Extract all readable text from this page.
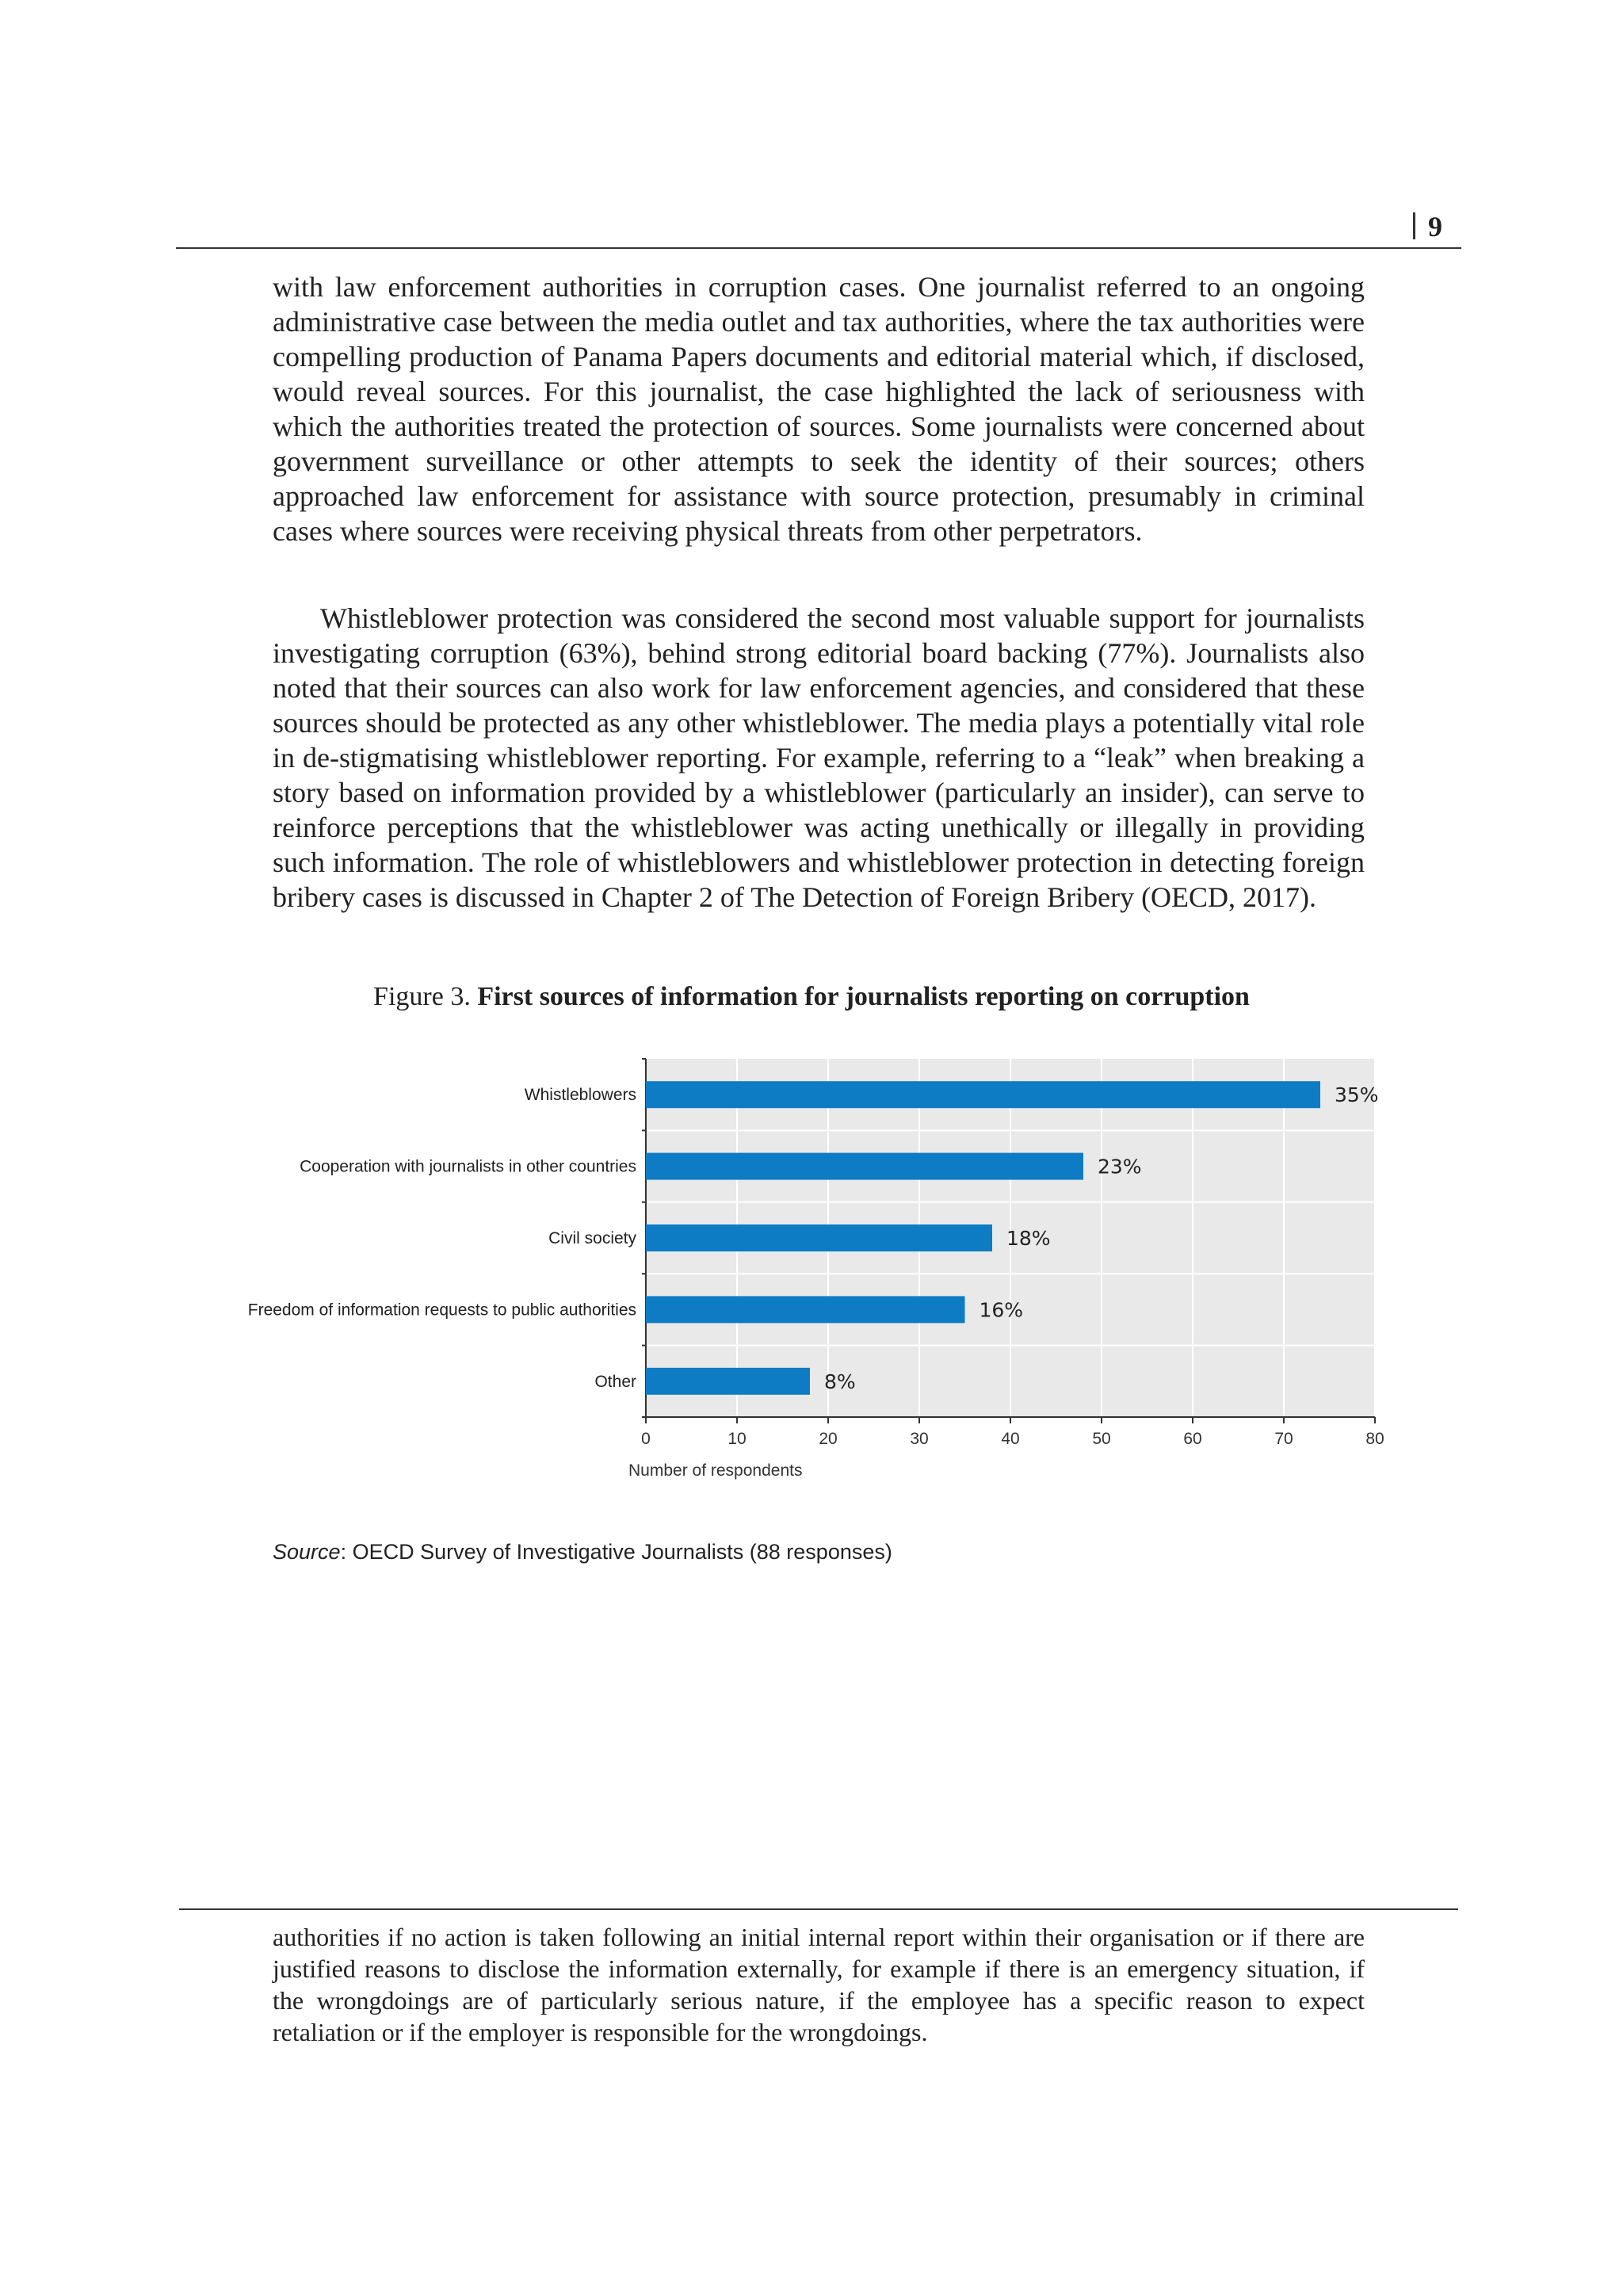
9

with law enforcement authorities in corruption cases. One journalist referred to an ongoing administrative case between the media outlet and tax authorities, where the tax authorities were compelling production of Panama Papers documents and editorial material which, if disclosed, would reveal sources. For this journalist, the case highlighted the lack of seriousness with which the authorities treated the protection of sources. Some journalists were concerned about government surveillance or other attempts to seek the identity of their sources; others approached law enforcement for assistance with source protection, presumably in criminal cases where sources were receiving physical threats from other perpetrators.

Whistleblower protection was considered the second most valuable support for journalists investigating corruption (63%), behind strong editorial board backing (77%). Journalists also noted that their sources can also work for law enforcement agencies, and considered that these sources should be protected as any other whistleblower. The media plays a potentially vital role in de-stigmatising whistleblower reporting. For example, referring to a “leak” when breaking a story based on information provided by a whistleblower (particularly an insider), can serve to reinforce perceptions that the whistleblower was acting unethically or illegally in providing such information. The role of whistleblowers and whistleblower protection in detecting foreign bribery cases is discussed in Chapter 2 of The Detection of Foreign Bribery (OECD, 2017).

Figure 3. First sources of information for journalists reporting on corruption
0	10	20	30	40	50	60	70	80
Whistleblowers	35%
Cooperation with journalists in other countries	23%
Civil society	18%
Freedom of information requests to public authorities	16%
Other	8%
Number of respondents
Source: OECD Survey of Investigative Journalists (88 responses)

authorities if no action is taken following an initial internal report within their organisation or if there are justified reasons to disclose the information externally, for example if there is an emergency situation, if the wrongdoings are of particularly serious nature, if the employee has a specific reason to expect retaliation or if the employer is responsible for the wrongdoings.
